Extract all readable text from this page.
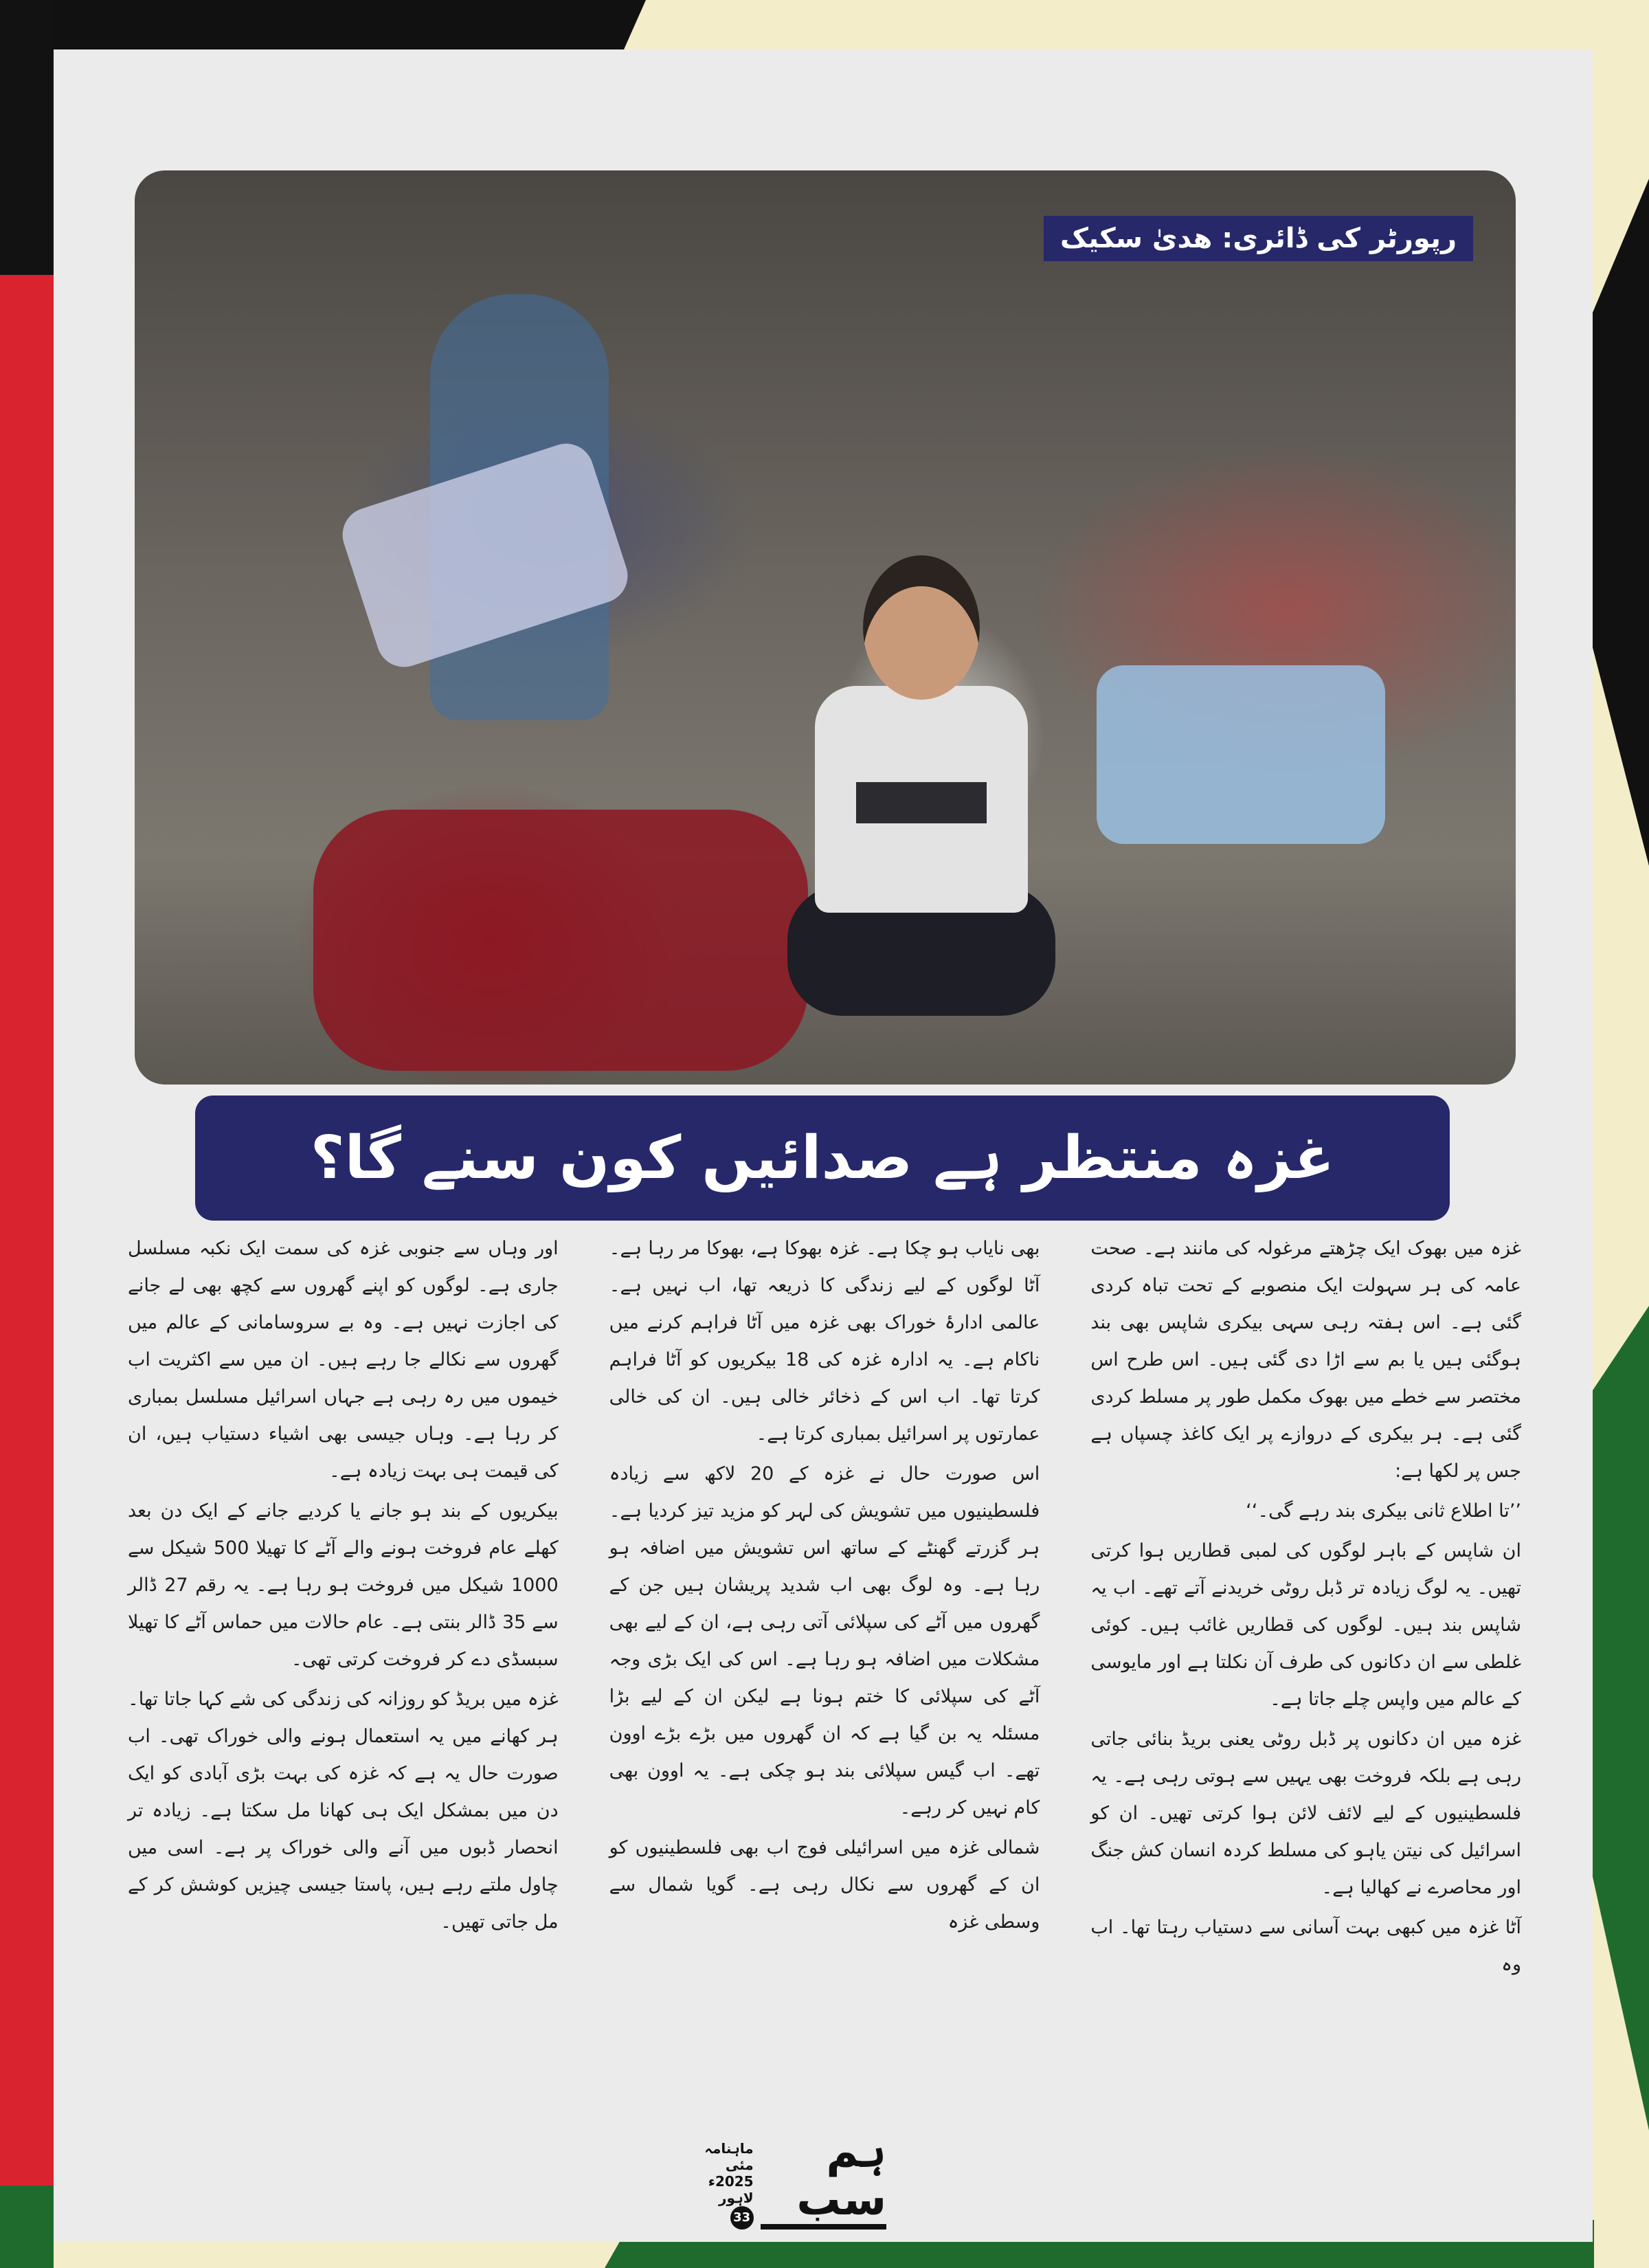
رپورٹر کی ڈائری: ھدیٰ سکیک
غزہ منتظر ہے صدائیں کون سنے گا؟

غزہ میں بھوک ایک چڑھتے مرغولہ کی مانند ہے۔ صحت عامہ کی ہر سہولت ایک منصوبے کے تحت تباہ کردی گئی ہے۔ اس ہفتہ رہی سہی بیکری شاپس بھی بند ہوگئی ہیں یا بم سے اڑا دی گئی ہیں۔ اس طرح اس مختصر سے خطے میں بھوک مکمل طور پر مسلط کردی گئی ہے۔ ہر بیکری کے دروازے پر ایک کاغذ چسپاں ہے جس پر لکھا ہے:

’’تا اطلاع ثانی بیکری بند رہے گی۔‘‘

ان شاپس کے باہر لوگوں کی لمبی قطاریں ہوا کرتی تھیں۔ یہ لوگ زیادہ تر ڈبل روٹی خریدنے آتے تھے۔ اب یہ شاپس بند ہیں۔ لوگوں کی قطاریں غائب ہیں۔ کوئی غلطی سے ان دکانوں کی طرف آن نکلتا ہے اور مایوسی کے عالم میں واپس چلے جاتا ہے۔

غزہ میں ان دکانوں پر ڈبل روٹی یعنی بریڈ بنائی جاتی رہی ہے بلکہ فروخت بھی یہیں سے ہوتی رہی ہے۔ یہ فلسطینیوں کے لیے لائف لائن ہوا کرتی تھیں۔ ان کو اسرائیل کی نیتن یاہو کی مسلط کردہ انسان کش جنگ اور محاصرے نے کھالیا ہے۔

آٹا غزہ میں کبھی بہت آسانی سے دستیاب رہتا تھا۔ اب وہ

بھی نایاب ہو چکا ہے۔ غزہ بھوکا ہے، بھوکا مر رہا ہے۔ آٹا لوگوں کے لیے زندگی کا ذریعہ تھا، اب نہیں ہے۔ عالمی ادارۂ خوراک بھی غزہ میں آٹا فراہم کرنے میں ناکام ہے۔ یہ ادارہ غزہ کی 18 بیکریوں کو آٹا فراہم کرتا تھا۔ اب اس کے ذخائر خالی ہیں۔ ان کی خالی عمارتوں پر اسرائیل بمباری کرتا ہے۔

اس صورت حال نے غزہ کے 20 لاکھ سے زیادہ فلسطینیوں میں تشویش کی لہر کو مزید تیز کردیا ہے۔ ہر گزرتے گھنٹے کے ساتھ اس تشویش میں اضافہ ہو رہا ہے۔ وہ لوگ بھی اب شدید پریشان ہیں جن کے گھروں میں آٹے کی سپلائی آتی رہی ہے، ان کے لیے بھی مشکلات میں اضافہ ہو رہا ہے۔ اس کی ایک بڑی وجہ آٹے کی سپلائی کا ختم ہونا ہے لیکن ان کے لیے بڑا مسئلہ یہ بن گیا ہے کہ ان گھروں میں بڑے بڑے اوون تھے۔ اب گیس سپلائی بند ہو چکی ہے۔ یہ اوون بھی کام نہیں کر رہے۔

شمالی غزہ میں اسرائیلی فوج اب بھی فلسطینیوں کو ان کے گھروں سے نکال رہی ہے۔ گویا شمال سے وسطی غزہ

اور وہاں سے جنوبی غزہ کی سمت ایک نکبہ مسلسل جاری ہے۔ لوگوں کو اپنے گھروں سے کچھ بھی لے جانے کی اجازت نہیں ہے۔ وہ بے سروسامانی کے عالم میں گھروں سے نکالے جا رہے ہیں۔ ان میں سے اکثریت اب خیموں میں رہ رہی ہے جہاں اسرائیل مسلسل بمباری کر رہا ہے۔ وہاں جیسی بھی اشیاء دستیاب ہیں، ان کی قیمت ہی بہت زیادہ ہے۔

بیکریوں کے بند ہو جانے یا کردیے جانے کے ایک دن بعد کھلے عام فروخت ہونے والے آٹے کا تھیلا 500 شیکل سے 1000 شیکل میں فروخت ہو رہا ہے۔ یہ رقم 27 ڈالر سے 35 ڈالر بنتی ہے۔ عام حالات میں حماس آٹے کا تھیلا سبسڈی دے کر فروخت کرتی تھی۔

غزہ میں بریڈ کو روزانہ کی زندگی کی شے کہا جاتا تھا۔ ہر کھانے میں یہ استعمال ہونے والی خوراک تھی۔ اب صورت حال یہ ہے کہ غزہ کی بہت بڑی آبادی کو ایک دن میں بمشکل ایک ہی کھانا مل سکتا ہے۔ زیادہ تر انحصار ڈبوں میں آنے والی خوراک پر ہے۔ اسی میں چاول ملتے رہے ہیں، پاستا جیسی چیزیں کوشش کر کے مل جاتی تھیں۔

ہم سب
ماہنامہ
مئی 2025ء
لاہور
33
